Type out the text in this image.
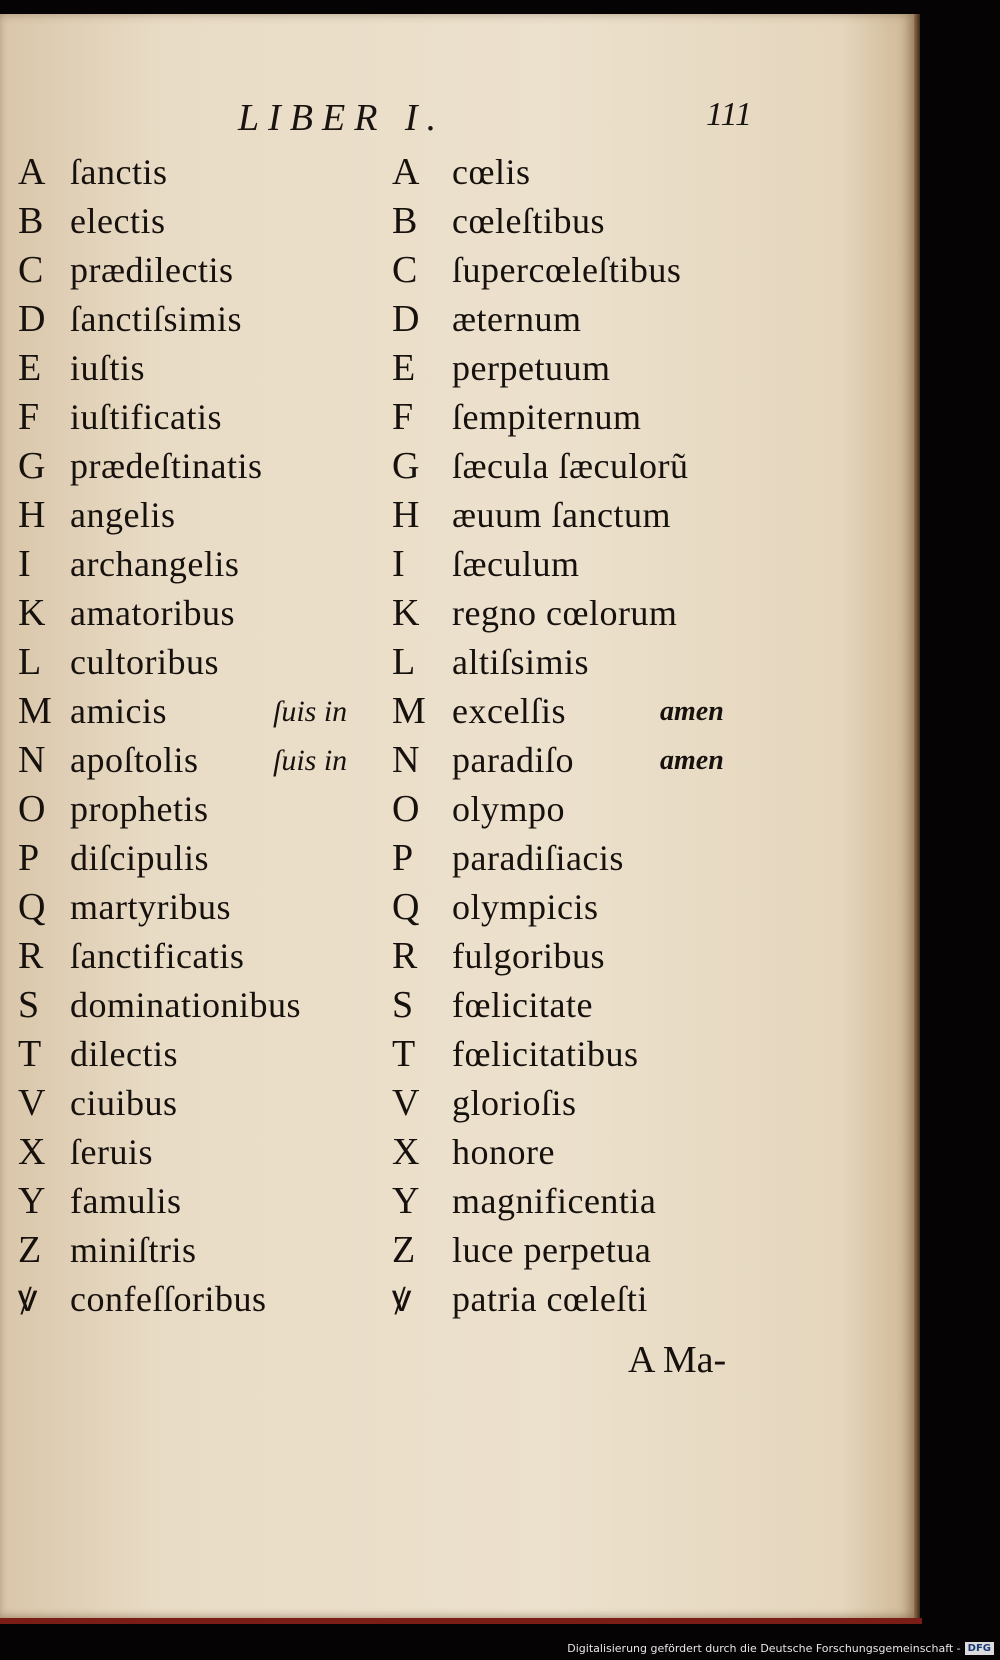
LIBER I.	111
A ſanctis	A cœlis
B electis	B cœleſtibus
C prædilectis	C ſupercœleſtibus
D ſanctiſsimis	D æternum
E iuſtis	E	perpetuum
F iuſtificatis	F	ſempiternum
G prædeſtinatis	G ſæcula ſæculorũ
H angelis	H æuum ſanctum
I	archangelis	I	ſæculum
K amatoribus	K regno cœlorum
L cultoribus	L	altiſsimis
M amicis	ſuis in M excelſis	amen
N apoſtolis ſuis in N paradiſo	amen
O prophetis	O olympo
P diſcipulis	P	paradiſiacis
Q martyribus	Q olympicis
R ſanctificatis	R fulgoribus
S dominationibus S	fœlicitate
T dilectis	T	fœlicitatibus
V ciuibus	V glorioſis
X ſeruis	X honore
Y famulis	Y magnificentia
Z miniſtris	Z	luce perpetua
ꝟ confeſſoribus	ꝟ	patria cœleſti
A Ma-
Digitalisierung gefördert durch die Deutsche Forschungsgemeinschaft - DFG
